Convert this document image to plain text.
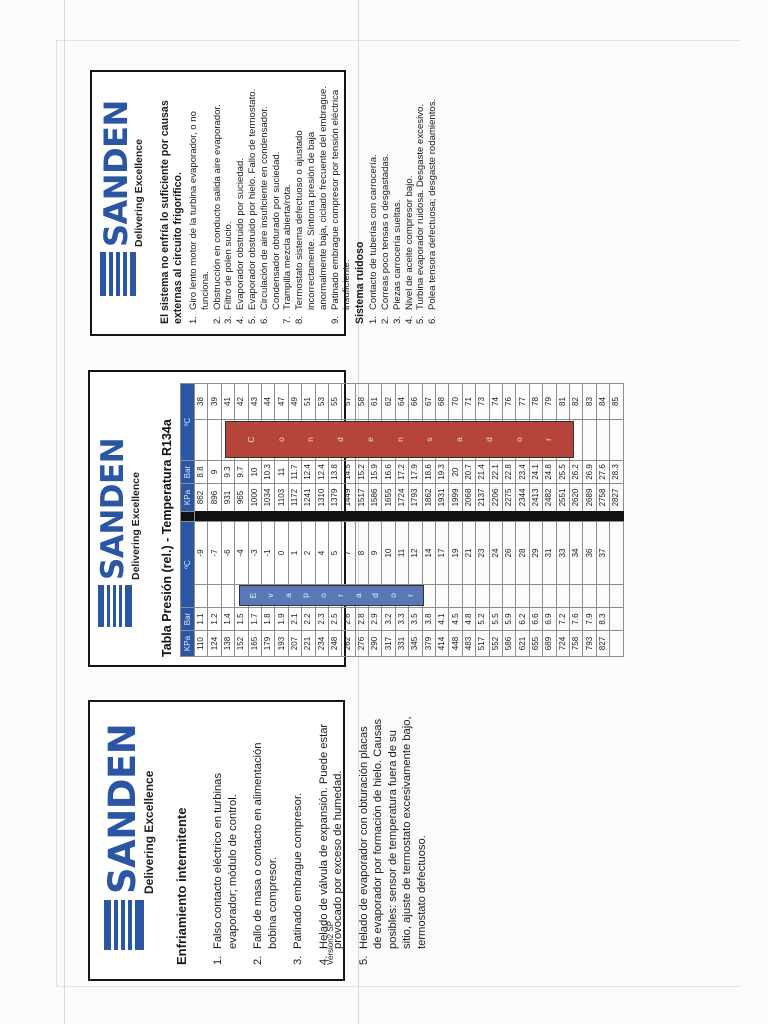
SANDEN
Delivering Excellence Enfriamiento intermitente 1.
Falso contacto eléctrico en turbinas evaporador; módulo de control.
2.
Fallo de masa o contacto en alimentación bobina compresor.
3.
Patinado embrague compresor.
4.
Helado de válvula de expansión. Puede estar provocado por exceso de humedad.
5.
Helado de evaporador con obturación placas de evaporador por formación de hielo. Causas posibles: sensor de temperatura fuera de su sitio, ajuste de termostato excesivamente bajo, termostato defectuoso.
Version2 SP
SANDEN Delivering Excellence Tabla Presión (rel.) - Temperatura R134a KPa	Bar	ºC			KPa	Bar	ºC	
110	1.1		-9		862	8.8		38
124	1.2		-7		896	9		39
138	1.4		-6		931	9.3		41
152	1.5		-4		965	9.7		42
165	1.7		-3		1000	10		43
179	1.8		-1		1034	10.3		44
193	1.9		0		1103	11		47
207	2.1		1		1172	11.7		49
221	2.2		2		1241	12.4		51
234	2.3		4		1310	12.4		53
248	2.5		5		1379	13.8		55
262	2.6		7		1449	14.5		57
276	2.8		8		1517	15.2		58
290	2.9		9		1586	15.9		61
317	3.2		10		1655	16.6		62
331	3.3		11		1724	17.2		64
345	3.5		12		1793	17.9		66
379	3.8		14		1862	18.6		67
414	4.1		17		1931	19.3		68
448	4.5		19		1999	20		70
483	4.8		21		2068	20.7		71
517	5.2		23		2137	21.4		73
552	5.5		24		2206	22.1		74
586	5.9		26		2275	22.8		76
621	6.2		28		2344	23.4		77
655	6.6		29		2413	24.1		78
689	6.9		31		2482	24.8		79
724	7.2		33		2551	25.5		81
758	7.6		34		2620	26.2		82
793	7.9		36		2689	26.9		83
827	8.3		37		2758	27.6		84
					2827	28.3		85
E v a p o r a d o r
C o n d e n s a d o r
SANDEN
Delivering Excellence El sistema no enfría lo suficiente por causas externas al circuito frigorífico. 1.
Giro lento motor de la turbina evaporador, o no funciona.
2.
Obstrucción en conducto salida aire evaporador.
3.
Filtro de polen sucio.
4.
Evaporador obstruido por suciedad.
5.
Evaporador obstruido por hielo. Fallo de termostato.
6.
Circulación de aire insuficiente en condensador. Condensador obturado por suciedad.
7.
Trampilla mezcla abierta/rota.
8.
Termostato sistema defectuoso o ajustado incorrectamente. Síntoma presión de baja anormalmente baja, ciclado frecuente del embrague.
9.
Patinado embrague compresor por tensión eléctrica insuficiente. Sistema ruidoso 1.
Contacto de tuberías con carrocería.
2.
Correas poco tensas o desgastadas.
3.
Piezas carrocería sueltas.
4.
Nivel de aceite compresor bajo.
5.
Turbina evaporador ruidosa. Desgaste excesivo.
6.
Polea tensora defectuosa; desgaste rodamientos.
